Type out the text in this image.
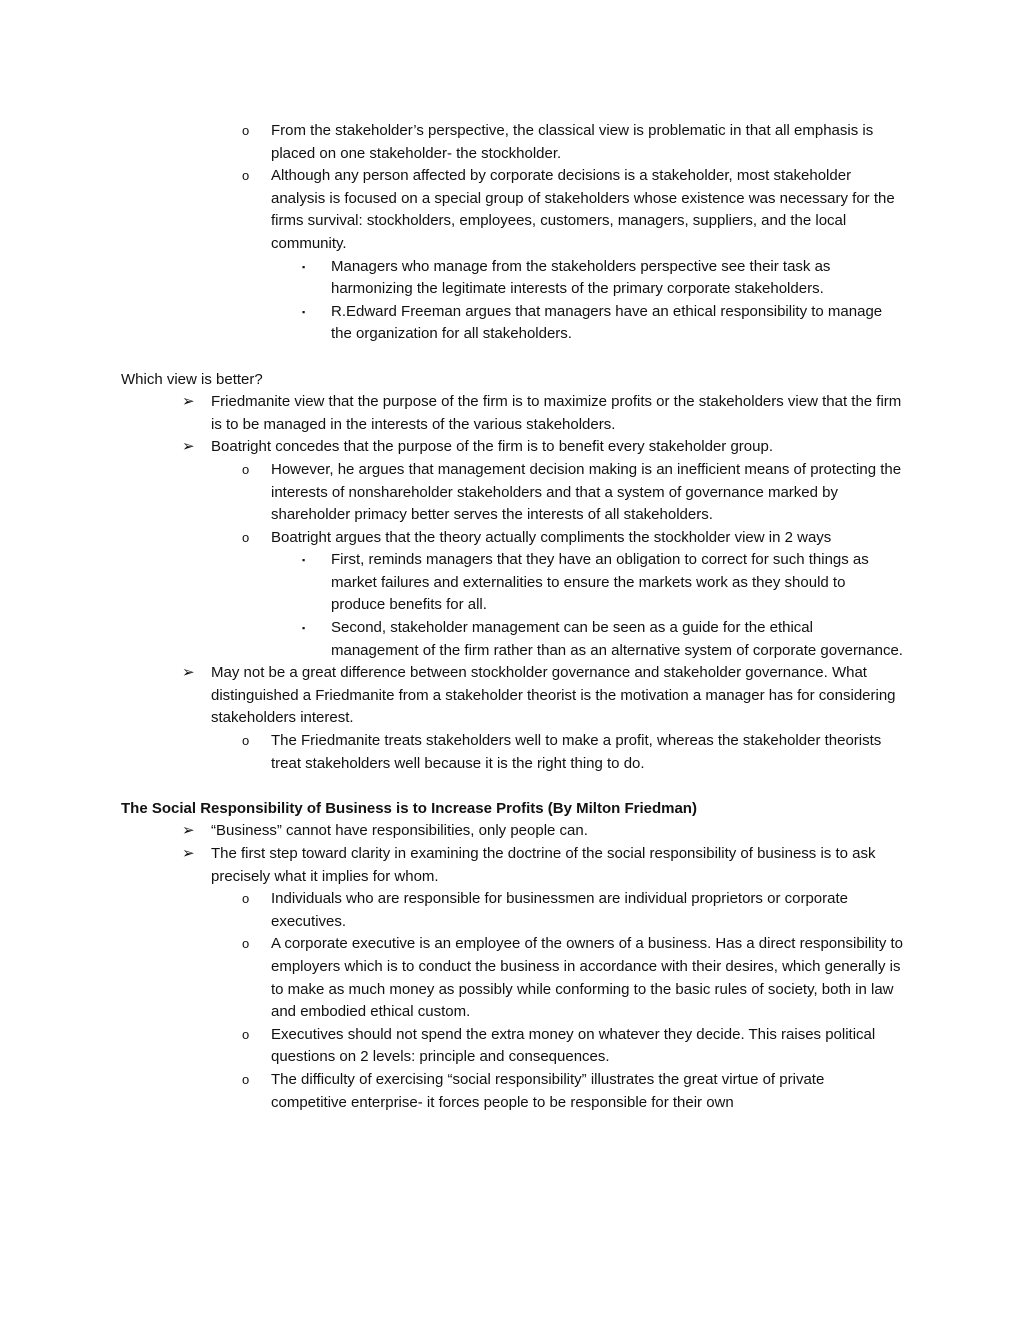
o From the stakeholder’s perspective, the classical view is problematic in that all emphasis is placed on one stakeholder- the stockholder.
o Although any person affected by corporate decisions is a stakeholder, most stakeholder analysis is focused on a special group of stakeholders whose existence was necessary for the firms survival: stockholders, employees, customers, managers, suppliers, and the local community.
▪ Managers who manage from the stakeholders perspective see their task as harmonizing the legitimate interests of the primary corporate stakeholders.
▪ R.Edward Freeman argues that managers have an ethical responsibility to manage the organization for all stakeholders.
Which view is better?
➢ Friedmanite view that the purpose of the firm is to maximize profits or the stakeholders view that the firm is to be managed in the interests of the various stakeholders.
➢ Boatright concedes that the purpose of the firm is to benefit every stakeholder group.
o However, he argues that management decision making is an inefficient means of protecting the interests of nonshareholder stakeholders and that a system of governance marked by shareholder primacy better serves the interests of all stakeholders.
o Boatright argues that the theory actually compliments the stockholder view in 2 ways
▪ First, reminds managers that they have an obligation to correct for such things as market failures and externalities to ensure the markets work as they should to produce benefits for all.
▪ Second, stakeholder management can be seen as a guide for the ethical management of the firm rather than as an alternative system of corporate governance.
➢ May not be a great difference between stockholder governance and stakeholder governance. What distinguished a Friedmanite from a stakeholder theorist is the motivation a manager has for considering stakeholders interest.
o The Friedmanite treats stakeholders well to make a profit, whereas the stakeholder theorists treat stakeholders well because it is the right thing to do.
The Social Responsibility of Business is to Increase Profits (By Milton Friedman)
➢ “Business” cannot have responsibilities, only people can.
➢ The first step toward clarity in examining the doctrine of the social responsibility of business is to ask precisely what it implies for whom.
o Individuals who are responsible for businessmen are individual proprietors or corporate executives.
o A corporate executive is an employee of the owners of a business. Has a direct responsibility to employers which is to conduct the business in accordance with their desires, which generally is to make as much money as possibly while conforming to the basic rules of society, both in law and embodied ethical custom.
o Executives should not spend the extra money on whatever they decide. This raises political questions on 2 levels: principle and consequences.
o The difficulty of exercising “social responsibility” illustrates the great virtue of private competitive enterprise- it forces people to be responsible for their own
